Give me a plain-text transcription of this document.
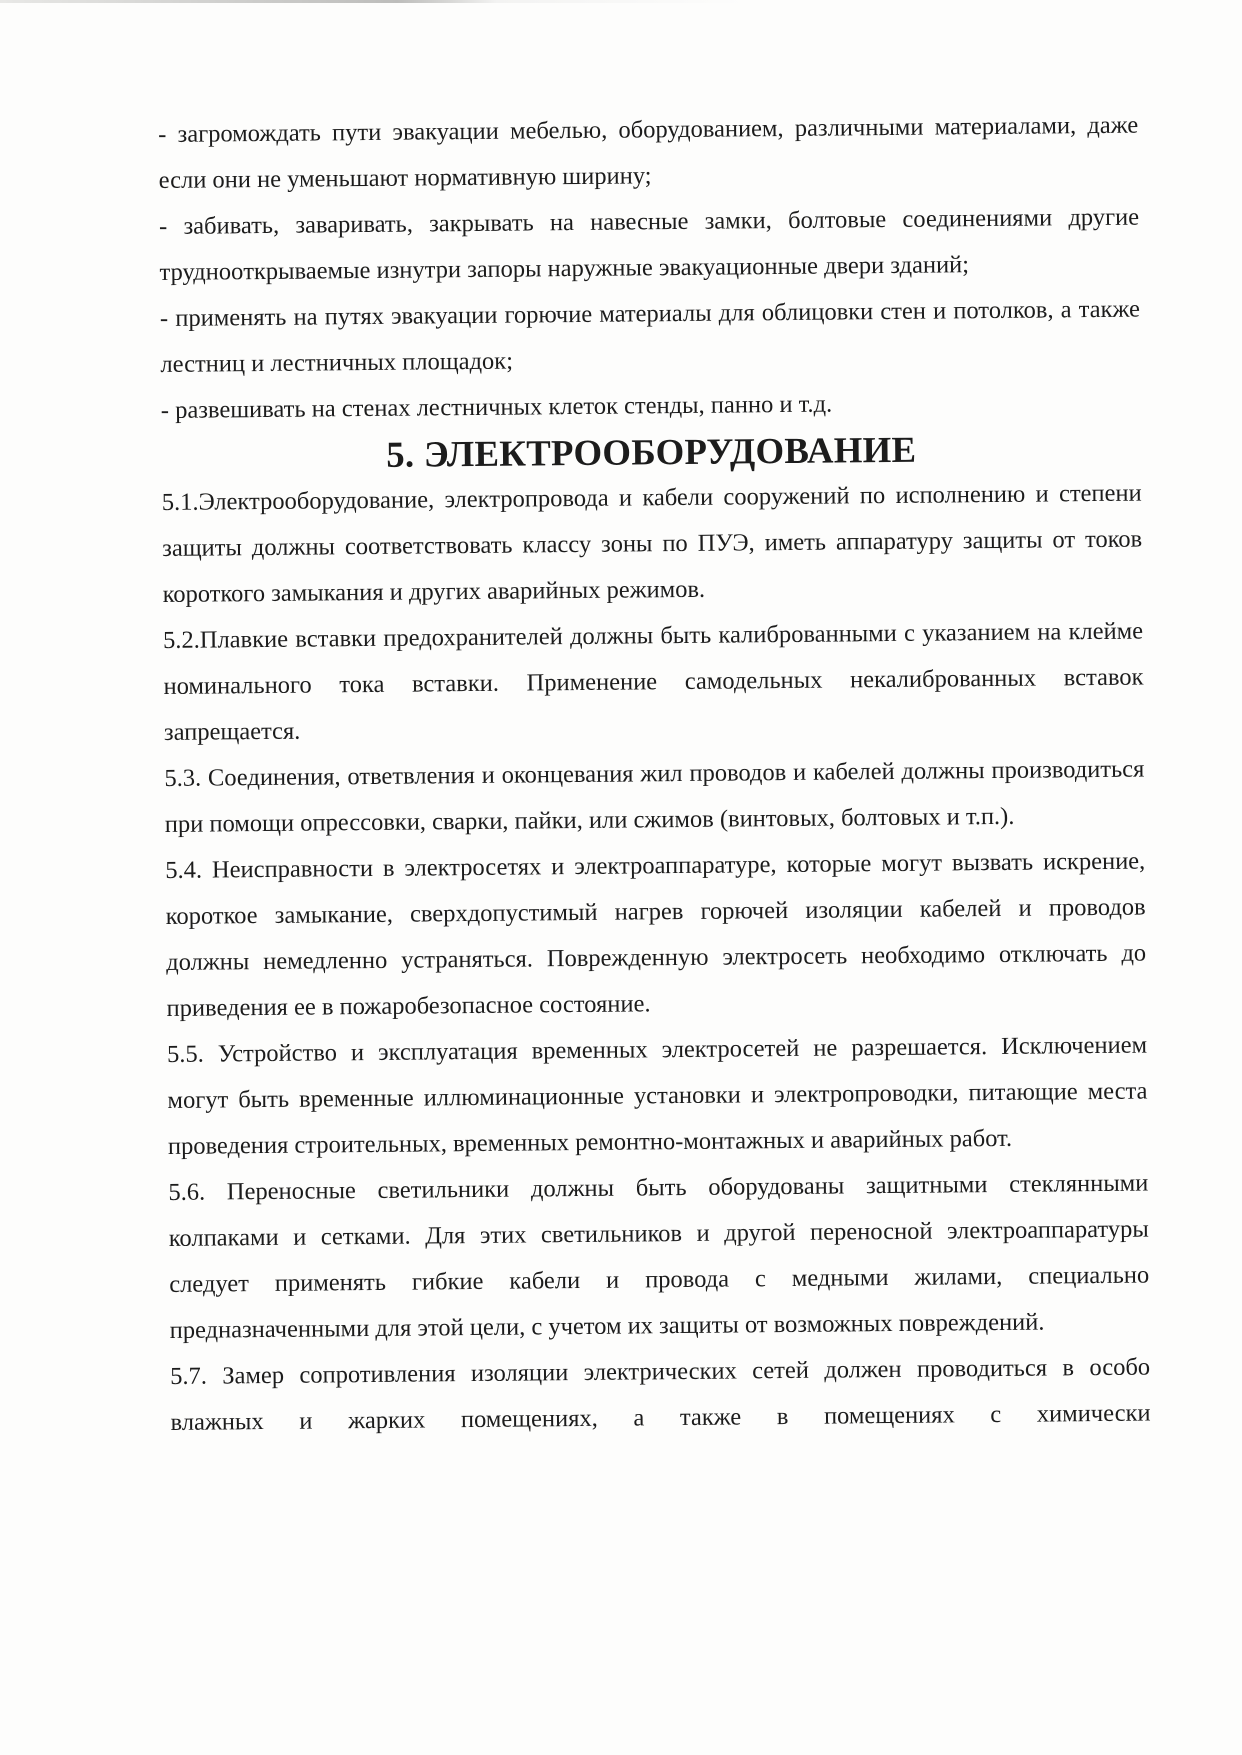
- загромождать пути эвакуации мебелью, оборудованием, различными материалами, даже если они не уменьшают нормативную ширину;

- забивать, заваривать, закрывать на навесные замки, болтовые соединениями другие трудноoткрываемые изнутри запоры наружные эвакуационные двери зданий;

- применять на путях эвакуации горючие материалы для облицовки стен и потолков, а также лестниц и лестничных площадок;

- развешивать на стенах лестничных клеток стенды, панно и т.д.

5. ЭЛЕКТРООБОРУДОВАНИЕ

5.1.Электрооборудование, электропровода и кабели сооружений по исполнению и степени защиты должны соответствовать классу зоны по ПУЭ, иметь аппаратуру защиты от токов короткого замыкания и других аварийных режимов.

5.2.Плавкие вставки предохранителей должны быть калиброванными с указанием на клейме номинального тока вставки. Применение самодельных некалиброванных вставок запрещается.

5.3. Соединения, ответвления и оконцевания жил проводов и кабелей должны производиться при помощи опрессовки, сварки, пайки, или сжимов (винтовых, болтовых и т.п.).

5.4. Неисправности в электросетях и электроаппаратуре, которые могут вызвать искрение, короткое замыкание, сверхдопустимый нагрев горючей изоляции кабелей и проводов должны немедленно устраняться. Поврежденную электросеть необходимо отключать до приведения ее в пожаробезопасное состояние.

5.5. Устройство и эксплуатация временных электросетей не разрешается. Исключением могут быть временные иллюминационные установки и электропроводки, питающие места проведения строительных, временных ремонтно-монтажных и аварийных работ.

5.6. Переносные светильники должны быть оборудованы защитными стеклянными колпаками и сетками. Для этих светильников и другой переносной электроаппаратуры следует применять гибкие кабели и провода с медными жилами, специально предназначенными для этой цели, с учетом их защиты от возможных повреждений.

5.7. Замер сопротивления изоляции электрических сетей должен проводиться в особо влажных и жарких помещениях, а также в помещениях с химически
